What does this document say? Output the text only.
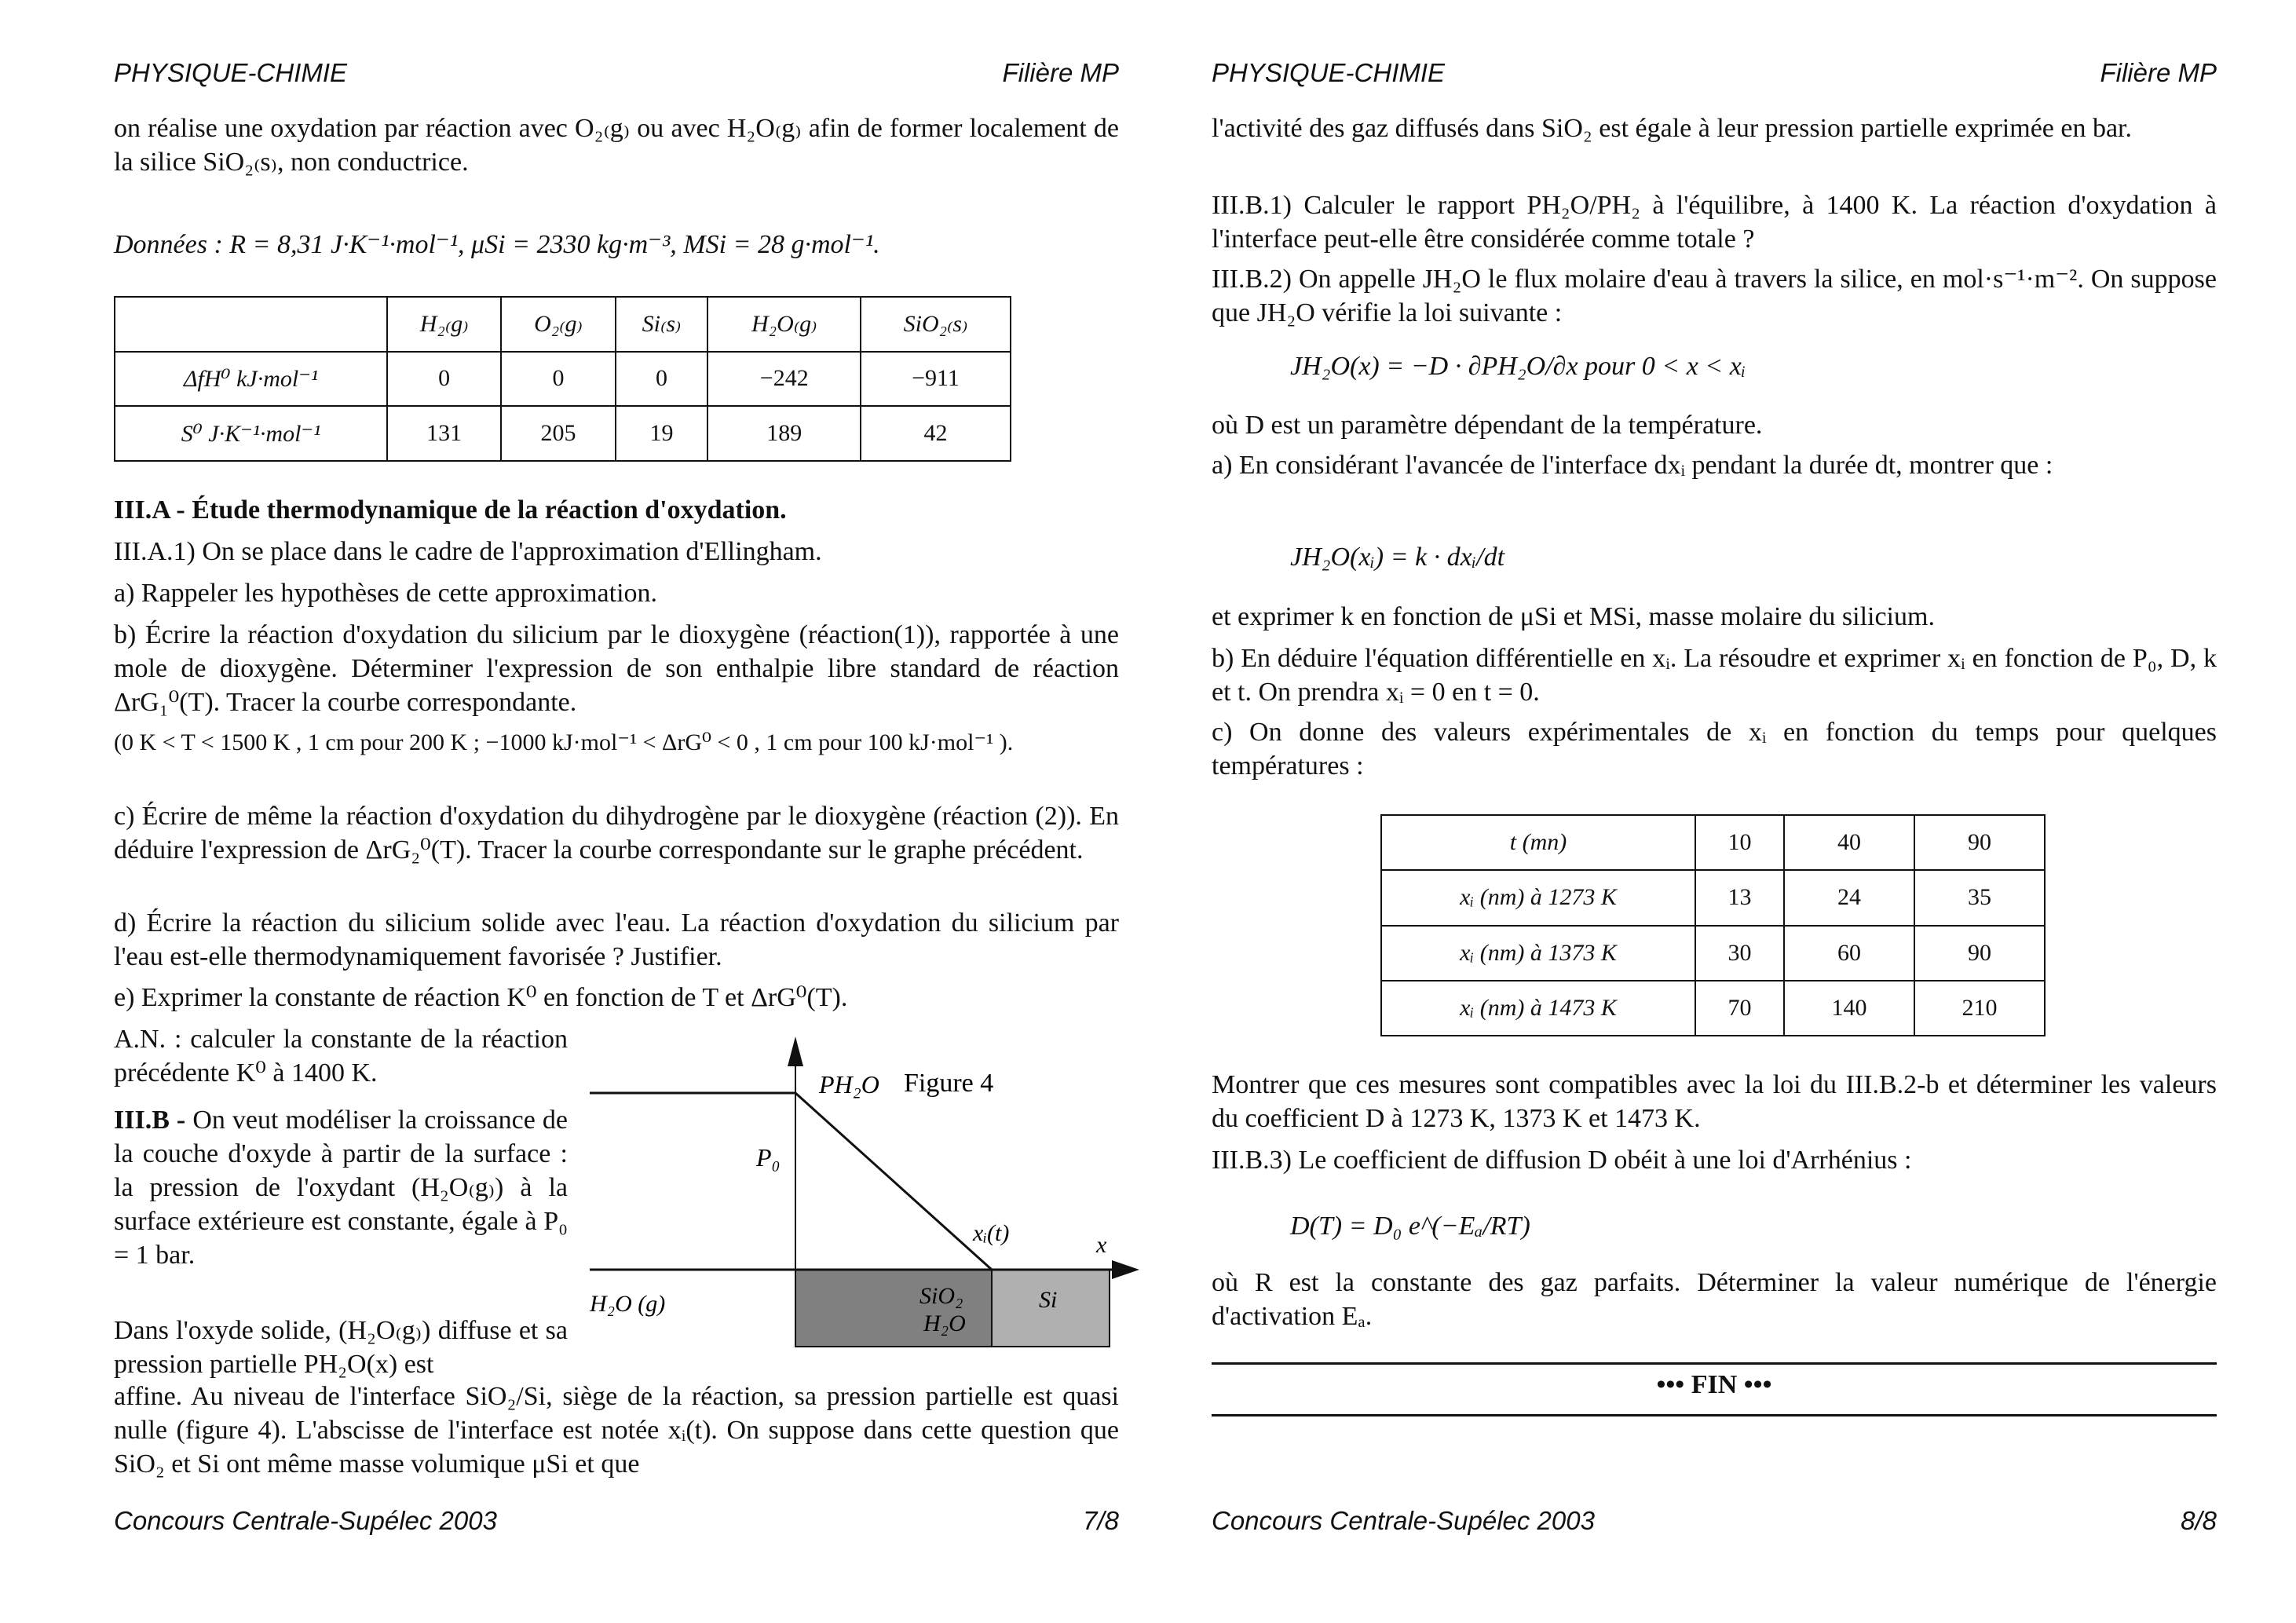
PHYSIQUE-CHIMIE	Filière MP
on réalise une oxydation par réaction avec O₂₍g₎ ou avec H₂O₍g₎ afin de former localement de la silice SiO₂₍s₎, non conductrice.
Données : R = 8,31 J·K⁻¹·mol⁻¹, μSi = 2330 kg·m⁻³, MSi = 28 g·mol⁻¹.
	H₂₍g₎	O₂₍g₎	Si₍s₎	H₂O₍g₎	SiO₂₍s₎
ΔfH⁰ kJ·mol⁻¹	0	0	0	−242	−911
S⁰ J·K⁻¹·mol⁻¹	131	205	19	189	42
III.A - Étude thermodynamique de la réaction d'oxydation.
III.A.1) On se place dans le cadre de l'approximation d'Ellingham.
a) Rappeler les hypothèses de cette approximation.
b) Écrire la réaction d'oxydation du silicium par le dioxygène (réaction(1)), rapportée à une mole de dioxygène. Déterminer l'expression de son enthalpie libre standard de réaction ΔrG₁⁰(T). Tracer la courbe correspondante.
(0 K < T < 1500 K , 1 cm pour 200 K ; −1000 kJ·mol⁻¹ < ΔrG⁰ < 0 , 1 cm pour 100 kJ·mol⁻¹ ).
c) Écrire de même la réaction d'oxydation du dihydrogène par le dioxygène (réaction (2)). En déduire l'expression de ΔrG₂⁰(T). Tracer la courbe correspondante sur le graphe précédent.
d) Écrire la réaction du silicium solide avec l'eau. La réaction d'oxydation du silicium par l'eau est-elle thermodynamiquement favorisée ? Justifier.
e) Exprimer la constante de réaction K⁰ en fonction de T et ΔrG⁰(T).
A.N. : calculer la constante de la réaction précédente K⁰ à 1400 K.
III.B - On veut modéliser la croissance de la couche d'oxyde à partir de la surface : la pression de l'oxydant (H₂O₍g₎) à la surface extérieure est constante, égale à P₀ = 1 bar.
Dans l'oxyde solide, (H₂O₍g₎) diffuse et sa pression partielle PH₂O(x) est
affine. Au niveau de l'interface SiO₂/Si, siège de la réaction, sa pression partielle est quasi nulle (figure 4). L'abscisse de l'interface est notée xᵢ(t). On suppose dans cette question que SiO₂ et Si ont même masse volumique μSi et que
PH₂O Figure 4
P₀
xᵢ(t)	x
H₂O (g)	SiO₂
H₂O
Si
Concours Centrale-Supélec 2003	7/8
PHYSIQUE-CHIMIE	Filière MP
l'activité des gaz diffusés dans SiO₂ est égale à leur pression partielle exprimée en bar.
III.B.1) Calculer le rapport PH₂O/PH₂ à l'équilibre, à 1400 K. La réaction d'oxydation à l'interface peut-elle être considérée comme totale ?
III.B.2) On appelle JH₂O le flux molaire d'eau à travers la silice, en mol·s⁻¹·m⁻². On suppose que JH₂O vérifie la loi suivante :
JH₂O(x) = −D · ∂PH₂O/∂x pour 0 < x < xᵢ
où D est un paramètre dépendant de la température.
a) En considérant l'avancée de l'interface dxᵢ pendant la durée dt, montrer que :
JH₂O(xᵢ) = k · dxᵢ/dt
et exprimer k en fonction de μSi et MSi, masse molaire du silicium.
b) En déduire l'équation différentielle en xᵢ. La résoudre et exprimer xᵢ en fonction de P₀, D, k et t. On prendra xᵢ = 0 en t = 0.
c) On donne des valeurs expérimentales de xᵢ en fonction du temps pour quelques températures :
t (mn)	10	40	90
xᵢ (nm) à 1273 K	13	24	35
xᵢ (nm) à 1373 K	30	60	90
xᵢ (nm) à 1473 K	70	140	210
Montrer que ces mesures sont compatibles avec la loi du III.B.2-b et déterminer les valeurs du coefficient D à 1273 K, 1373 K et 1473 K.
III.B.3) Le coefficient de diffusion D obéit à une loi d'Arrhénius :
D(T) = D₀ e^(−Eₐ/RT)
où R est la constante des gaz parfaits. Déterminer la valeur numérique de l'énergie d'activation Eₐ.
••• FIN •••
Concours Centrale-Supélec 2003	8/8
